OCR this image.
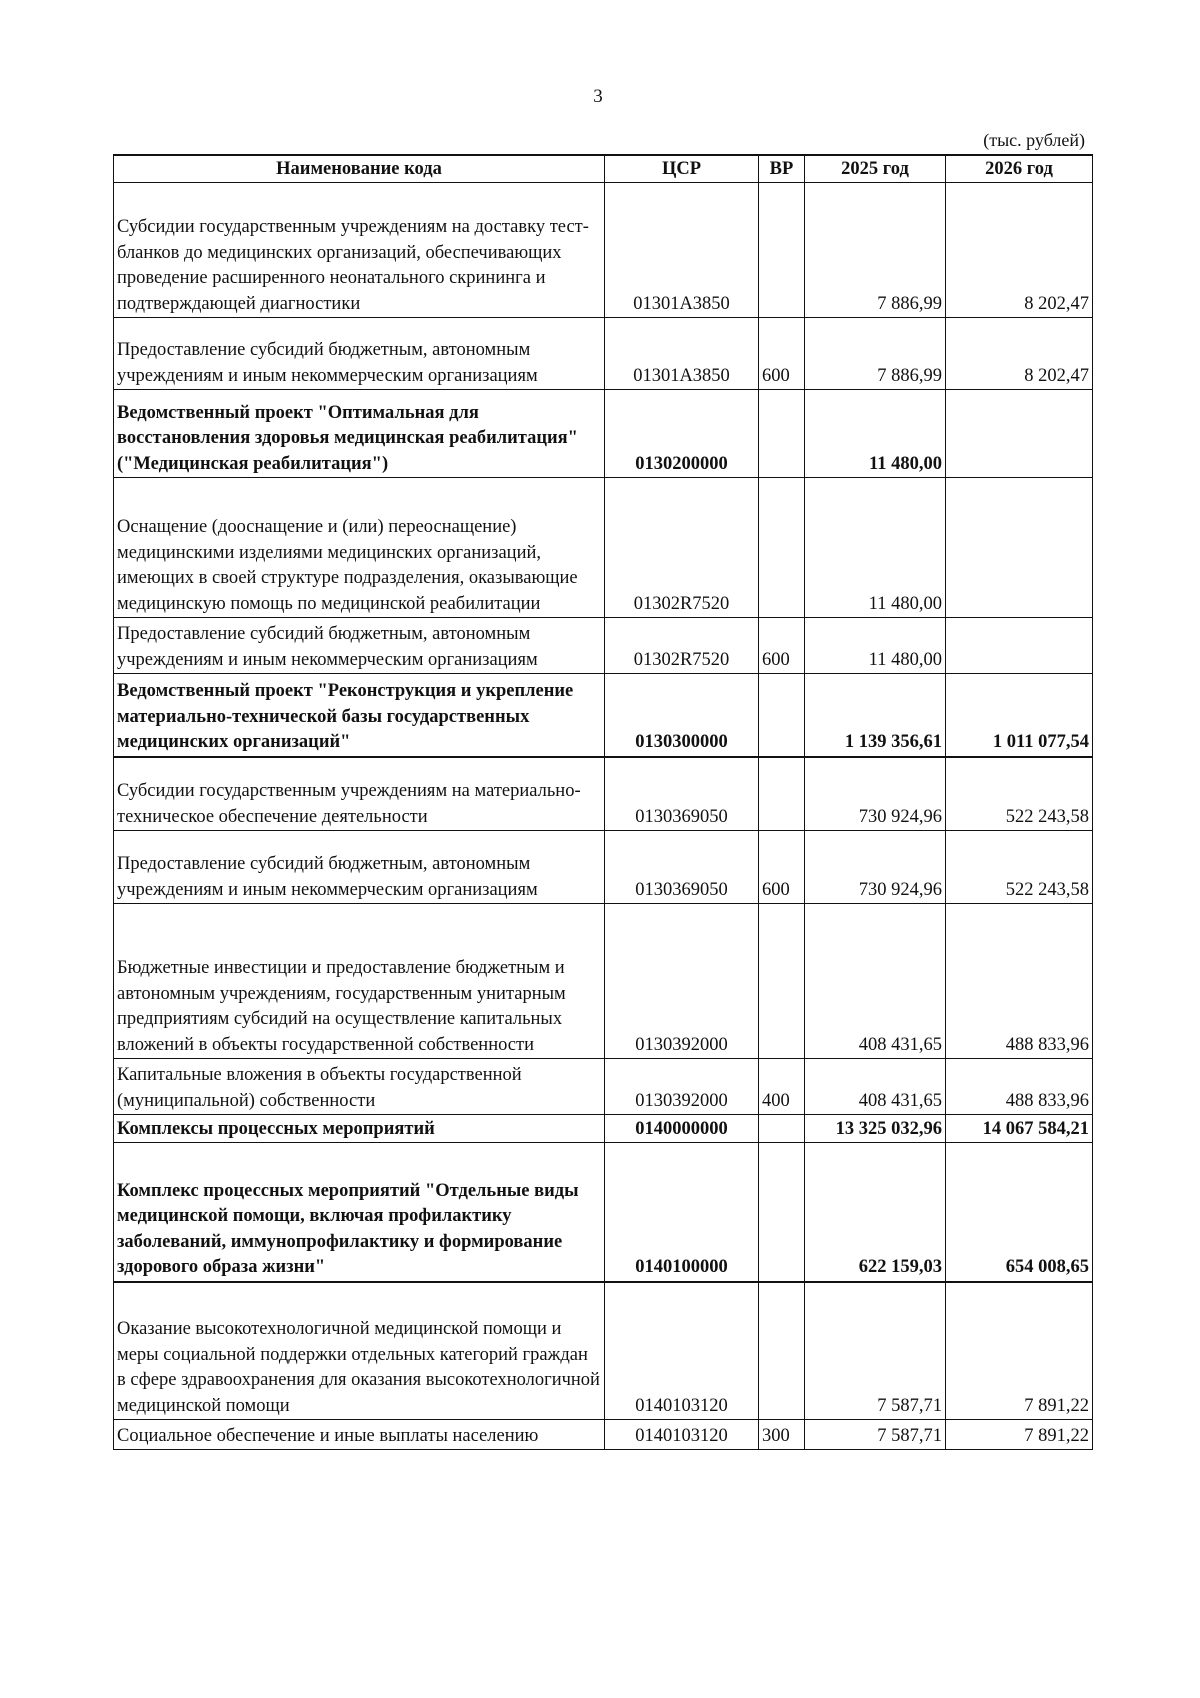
3
(тыс. рублей)
Наименование кода	ЦСР	ВР	2025 год	2026 год
Субсидии государственным учреждениям на доставку тест-бланков до медицинских организаций, обеспечивающих проведение расширенного неонатального скрининга и подтверждающей диагностики	01301А3850		7 886,99	8 202,47
Предоставление субсидий бюджетным, автономным учреждениям и иным некоммерческим организациям	01301А3850	600	7 886,99	8 202,47
Ведомственный проект "Оптимальная для восстановления здоровья медицинская реабилитация" ("Медицинская реабилитация")	0130200000		11 480,00	
Оснащение (дооснащение и (или) переоснащение) медицинскими изделиями медицинских организаций, имеющих в своей структуре подразделения, оказывающие медицинскую помощь по медицинской реабилитации	01302R7520		11 480,00	
Предоставление субсидий бюджетным, автономным учреждениям и иным некоммерческим организациям	01302R7520	600	11 480,00	
Ведомственный проект "Реконструкция и укрепление материально-технической базы государственных медицинских организаций"	0130300000		1 139 356,61	1 011 077,54
Субсидии государственным учреждениям на материально-техническое обеспечение деятельности	0130369050		730 924,96	522 243,58
Предоставление субсидий бюджетным, автономным учреждениям и иным некоммерческим организациям	0130369050	600	730 924,96	522 243,58
Бюджетные инвестиции и предоставление бюджетным и автономным учреждениям, государственным унитарным предприятиям субсидий на осуществление капитальных вложений в объекты государственной собственности	0130392000		408 431,65	488 833,96
Капитальные вложения в объекты государственной (муниципальной) собственности	0130392000	400	408 431,65	488 833,96
Комплексы процессных мероприятий	0140000000		13 325 032,96	14 067 584,21
Комплекс процессных мероприятий "Отдельные виды медицинской помощи, включая профилактику заболеваний, иммунопрофилактику и формирование здорового образа жизни"	0140100000		622 159,03	654 008,65
Оказание высокотехнологичной медицинской помощи и меры социальной поддержки отдельных категорий граждан в сфере здравоохранения для оказания высокотехнологичной медицинской помощи	0140103120		7 587,71	7 891,22
Социальное обеспечение и иные выплаты населению	0140103120	300	7 587,71	7 891,22
